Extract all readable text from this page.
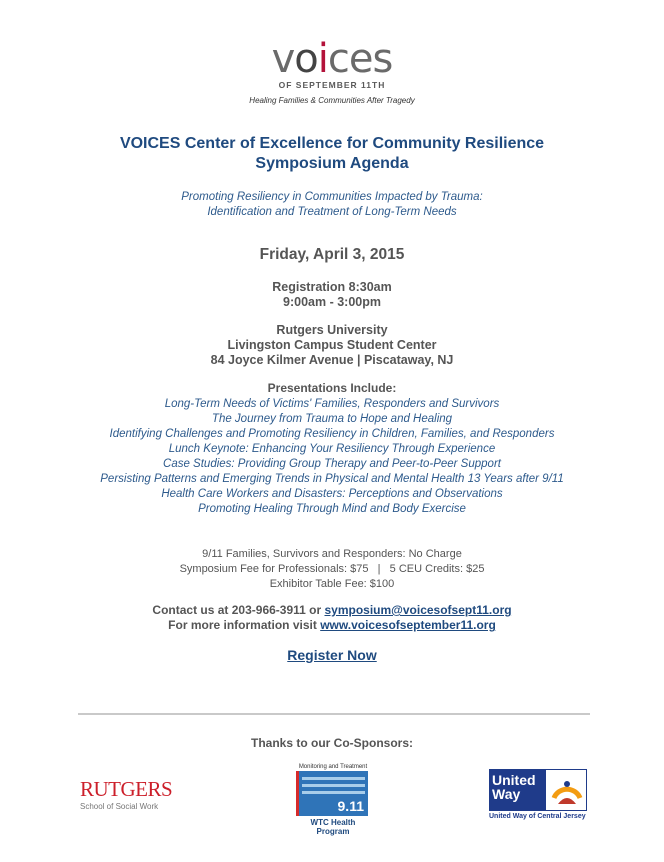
voices
OF SEPTEMBER 11TH
Healing Families & Communities After Tragedy
VOICES Center of Excellence for Community Resilience
Symposium Agenda
Promoting Resiliency in Communities Impacted by Trauma:
Identification and Treatment of Long-Term Needs
Friday, April 3, 2015
Registration 8:30am
9:00am - 3:00pm
Rutgers University
Livingston Campus Student Center
84 Joyce Kilmer Avenue | Piscataway, NJ
Presentations Include:
Long-Term Needs of Victims' Families, Responders and Survivors
The Journey from Trauma to Hope and Healing
Identifying Challenges and Promoting Resiliency in Children, Families, and Responders
Lunch Keynote: Enhancing Your Resiliency Through Experience
Case Studies: Providing Group Therapy and Peer-to-Peer Support
Persisting Patterns and Emerging Trends in Physical and Mental Health 13 Years after 9/11
Health Care Workers and Disasters: Perceptions and Observations
Promoting Healing Through Mind and Body Exercise
9/11 Families, Survivors and Responders: No Charge
Symposium Fee for Professionals: $75   |   5 CEU Credits: $25
Exhibitor Table Fee: $100
Contact us at 203-966-3911 or symposium@voicesofsept11.org
For more information visit www.voicesofseptember11.org
Register Now
Thanks to our Co-Sponsors:
RUTGERS
School of Social Work
Monitoring and Treatment
9.11
WTC Health Program
United
Way
United Way of Central Jersey
